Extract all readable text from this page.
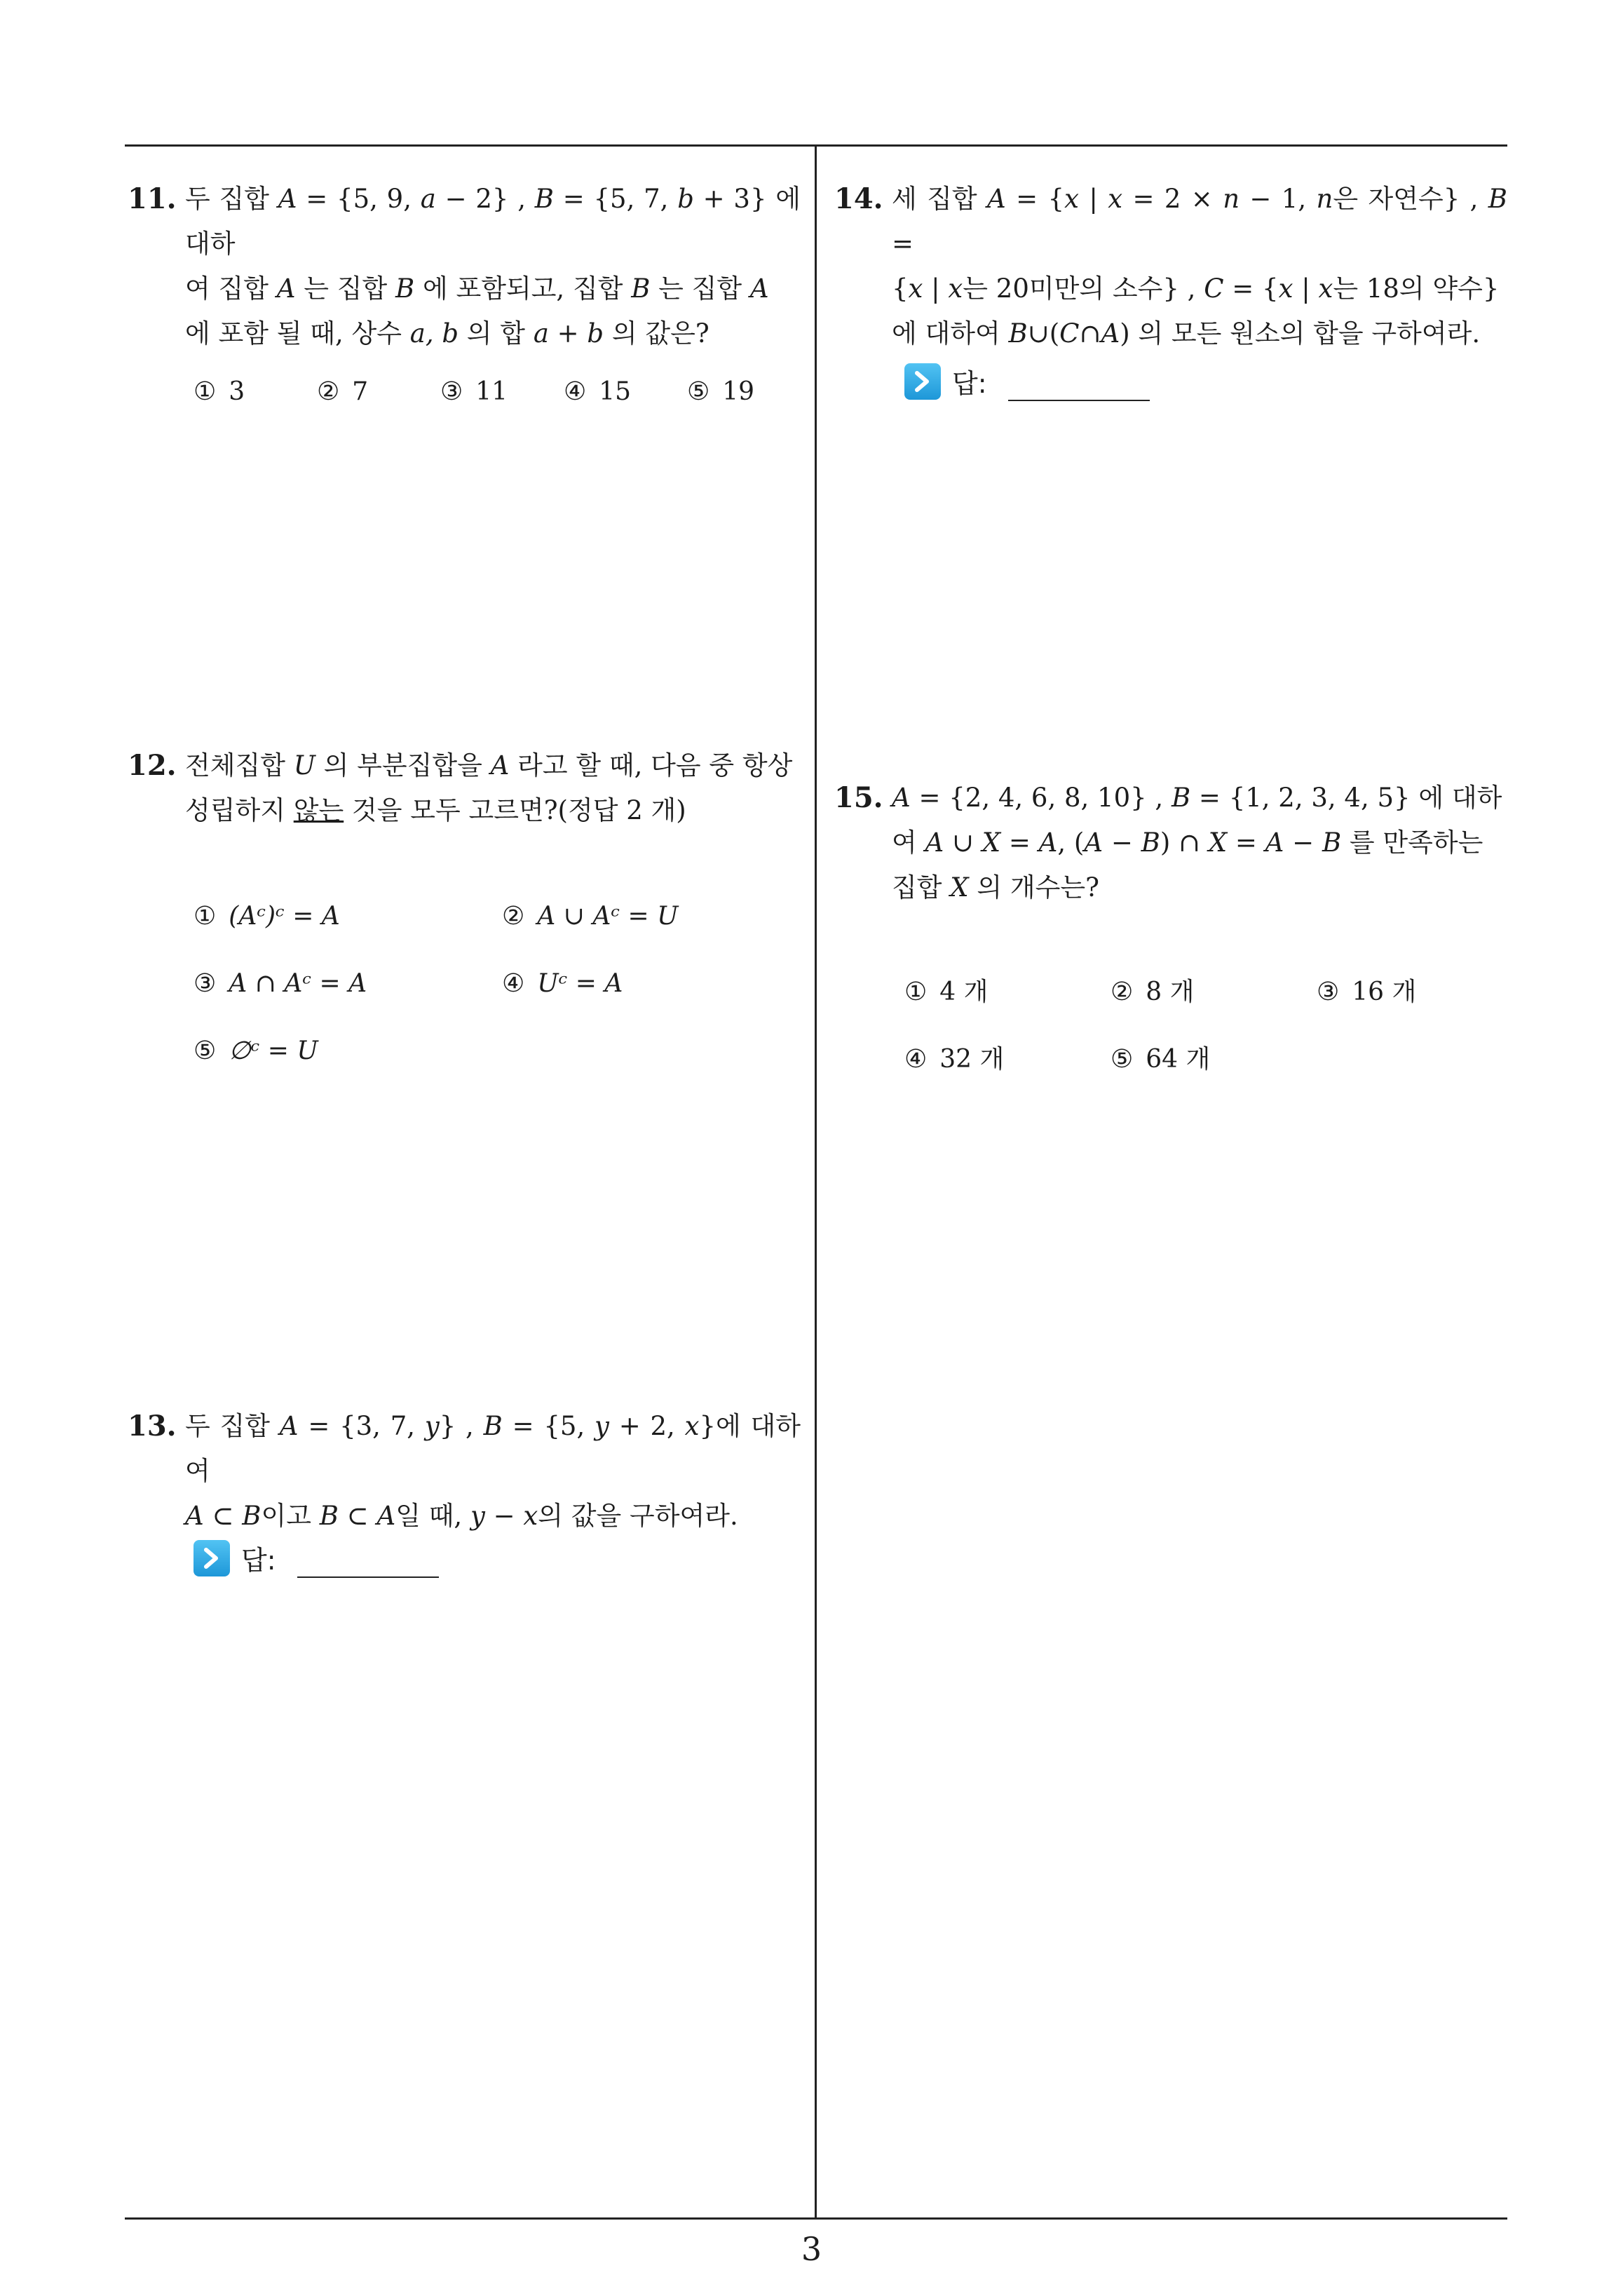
11. 두 집합 A = {5, 9, a − 2} , B = {5, 7, b + 3} 에 대하
여 집합 A 는 집합 B 에 포함되고, 집합 B 는 집합 A
에 포함 될 때, 상수 a, b 의 합 a + b 의 값은?
① 3	② 7	③ 11 ④ 15 ⑤ 19
12. 전체집합 U 의 부분집합을 A 라고 할 때, 다음 중 항상
성립하지 않는 것을 모두 고르면?(정답 2 개)
① (Aᶜ)ᶜ = A	② A ∪ Aᶜ = U
③ A ∩ Aᶜ = A	④ Uᶜ = A
⑤ ∅ᶜ = U
13. 두 집합 A = {3, 7, y} , B = {5, y + 2, x}에 대하여
A ⊂ B이고 B ⊂ A일 때, y − x의 값을 구하여라.
답:
14. 세 집합 A = {x | x = 2 × n − 1, n은 자연수} , B =
{x | x는 20미만의 소수} , C = {x | x는 18의 약수}
에 대하여 B∪(C∩A) 의 모든 원소의 합을 구하여라.
답:
15. A = {2, 4, 6, 8, 10} , B = {1, 2, 3, 4, 5} 에 대하
여 A ∪ X = A, (A − B) ∩ X = A − B 를 만족하는
집합 X 의 개수는?
① 4 개	② 8 개	③ 16 개
④ 32 개	⑤ 64 개
3
